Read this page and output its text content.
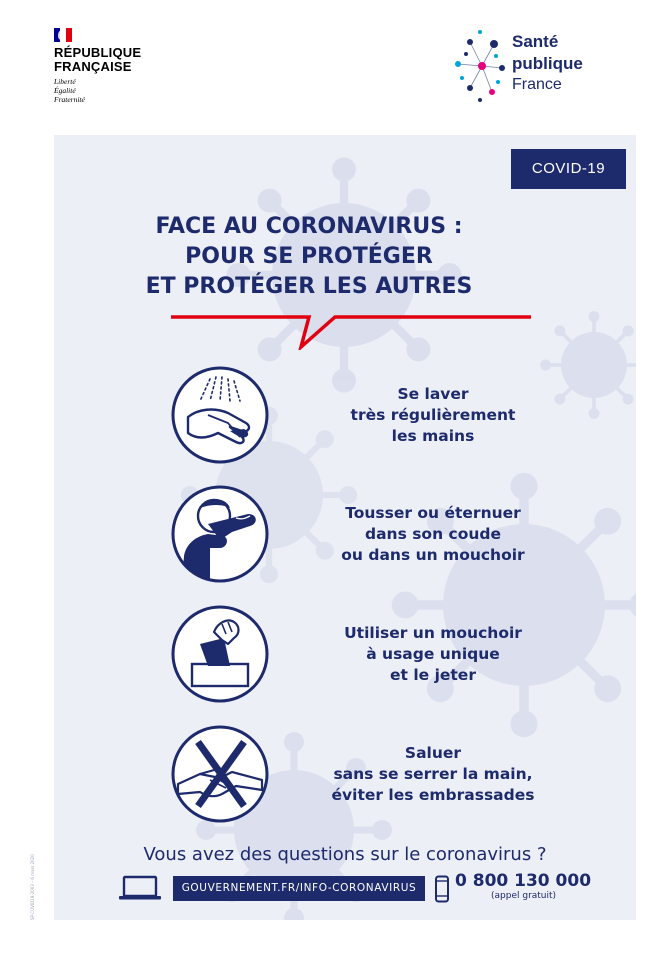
RÉPUBLIQUE
FRANÇAISE
Liberté
Égalité
Fraternité
Santé
publique
France
COVID-19
FACE AU CORONAVIRUS :
POUR SE PROTÉGER
ET PROTÉGER LES AUTRES
Se laver
très régulièrement
les mains
Tousser ou éternuer
dans son coude
ou dans un mouchoir
Utiliser un mouchoir
à usage unique
et le jeter
Saluer
sans se serrer la main,
éviter les embrassades
Vous avez des questions sur le coronavirus ?
GOUVERNEMENT.FR/INFO-CORONAVIRUS	0 800 130 000
(appel gratuit)
SP-COVID19-2003 – 6 mars 2020
